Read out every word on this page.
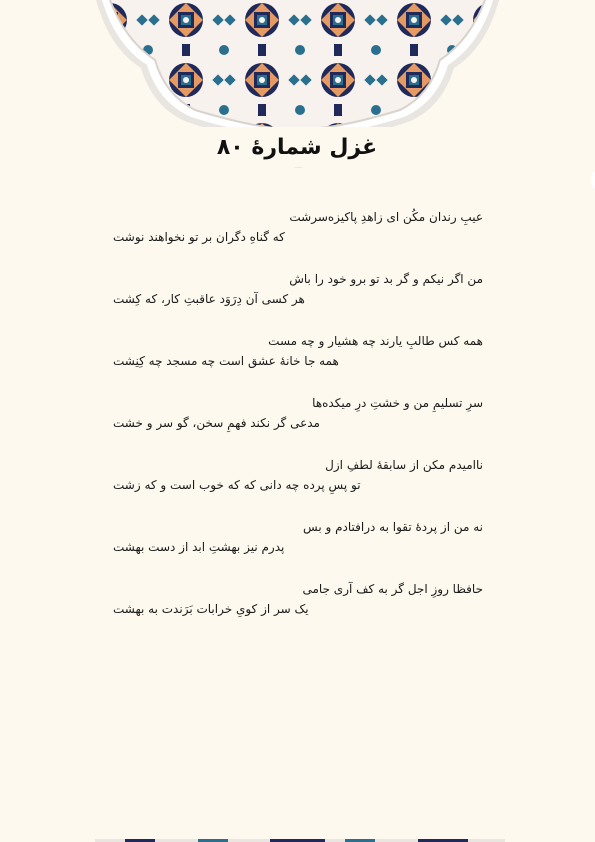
غزل شمارهٔ ۸۰
عیبِ رندان مکُن ای زاهدِ پاکیزه‌سرشت
که گناهِ دگران بر تو نخواهند نوشت
من اگر نیکم و گر بد تو برو خود را باش
هر کسی آن دِرَوَد عاقبتِ کار، که کِشت
همه کس طالبِ یارند چه هشیار و چه مست
همه جا خانهٔ عشق است چه مسجد چه کِنِشت
سرِ تسلیمِ من و خشتِ درِ میکده‌ها
مدعی گر نکند فهمِ سخن، گو سر و خشت
ناامیدم مکن از سابقهٔ لطفِ ازل
تو پسِ پرده چه دانی که که خوب است و که زشت
نه من از پردهٔ تقوا به درافتادم و بس
پدرم نیز بهشتِ ابد از دست بهشت
حافظا روزِ اجل گر به کف آری جامی
یک سر از کویِ خرابات بَرَندت به بهشت
